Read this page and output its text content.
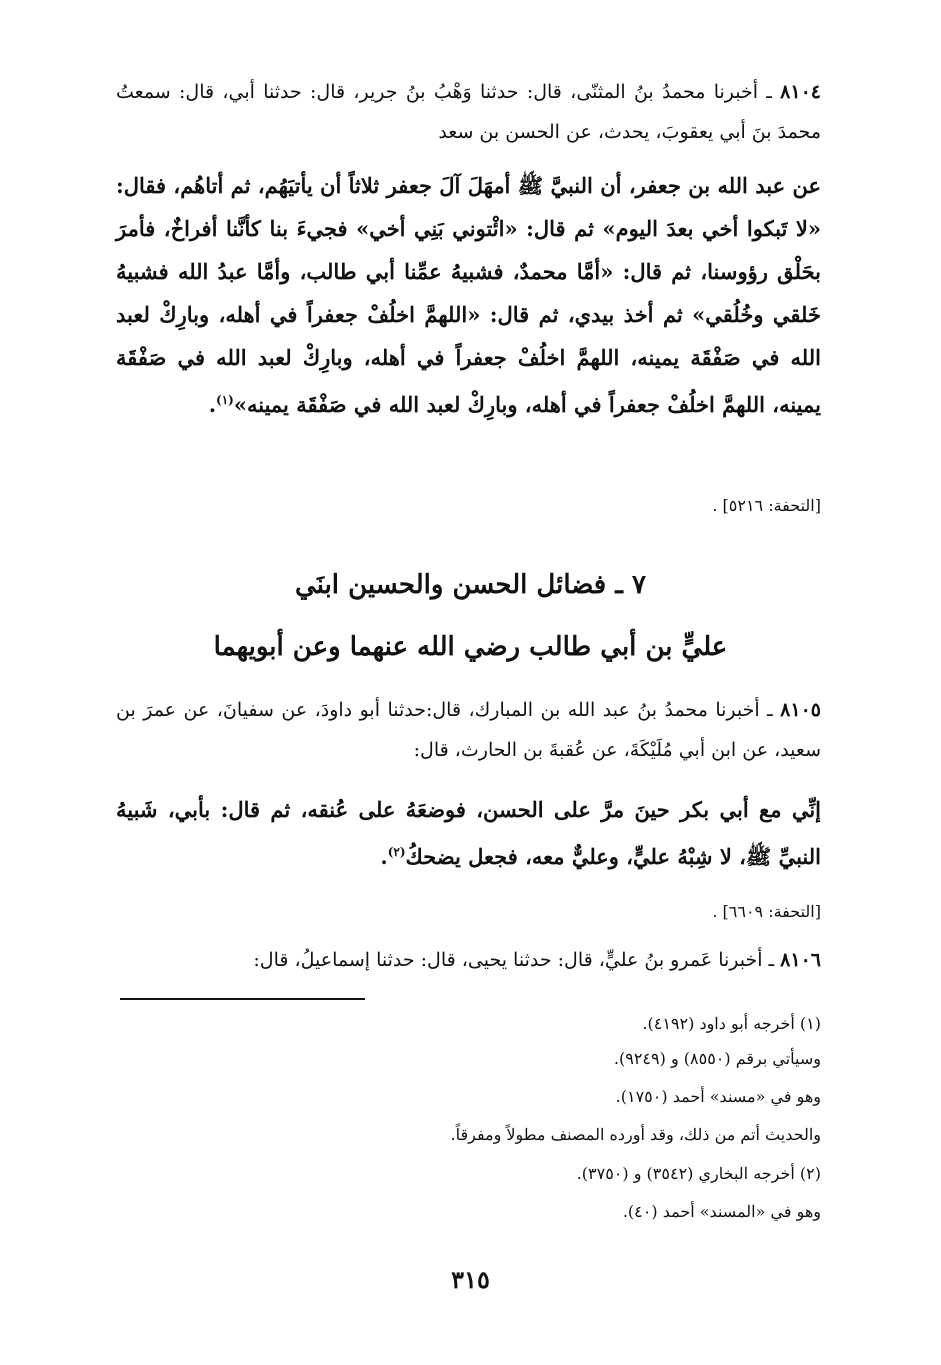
٨١٠٤ ـ أخبرنا محمدُ بنُ المثنّى، قال: حدثنا وَهْبُ بنُ جرير، قال: حدثنا أبي، قال: سمعتُ محمدَ بنَ أبي يعقوبَ، يحدث، عن الحسن بن سعد
عن عبد الله بن جعفر، أن النبيَّ ﷺ أمهَلَ آلَ جعفر ثلاثاً أن يأتيَهُم، ثم أتاهُم، فقال: «لا تَبكوا أخي بعدَ اليوم» ثم قال: «ائْتوني بَنِي أخي» فجيءَ بنا كأنَّنا أفراخٌ، فأمرَ بحَلْق رؤوسنا، ثم قال: «أمَّا محمدٌ، فشبيهُ عمِّنا أبي طالب، وأمَّا عبدُ الله فشبيهُ خَلقي وخُلُقي» ثم أخذ بيدي، ثم قال: «اللهمَّ اخلُفْ جعفراً في أهله، وبارِكْ لعبد الله في صَفْقَة يمينه، اللهمَّ اخلُفْ جعفراً في أهله، وبارِكْ لعبد الله في صَفْقَة يمينه، اللهمَّ اخلُفْ جعفراً في أهله، وبارِكْ لعبد الله في صَفْقَة يمينه»$^{(١)}$.
[التحفة: ٥٢١٦] .
٧ ـ فضائل الحسن والحسين ابنَي
عليٍّ بن أبي طالب رضي الله عنهما وعن أبويهما
٨١٠٥ ـ أخبرنا محمدُ بنُ عبد الله بن المبارك، قال:حدثنا أبو داودَ، عن سفيانَ، عن عمرَ بن سعيد، عن ابن أبي مُلَيْكَةَ، عن عُقبةَ بن الحارث، قال:
إنِّي مع أبي بكر حينَ مرَّ على الحسن، فوضعَهُ على عُنقه، ثم قال: بأبي، شَبيهُ النبيِّ ﷺ، لا شِبْهُ عليٍّ، وعليٌّ معه، فجعل يضحكُ$^{(٢)}$.
[التحفة: ٦٦٠٩] .
٨١٠٦ ـ أخبرنا عَمرو بنُ عليٍّ، قال: حدثنا يحيى، قال: حدثنا إسماعيلُ، قال:
(١) أخرجه أبو داود (٤١٩٢).
وسيأتي برقم (٨٥٥٠) و (٩٢٤٩).
وهو في «مسند» أحمد (١٧٥٠).
والحديث أتم من ذلك، وقد أورده المصنف مطولاً ومفرقاً.
(٢) أخرجه البخاري (٣٥٤٢) و (٣٧٥٠).
وهو في «المسند» أحمد (٤٠).
٣١٥
